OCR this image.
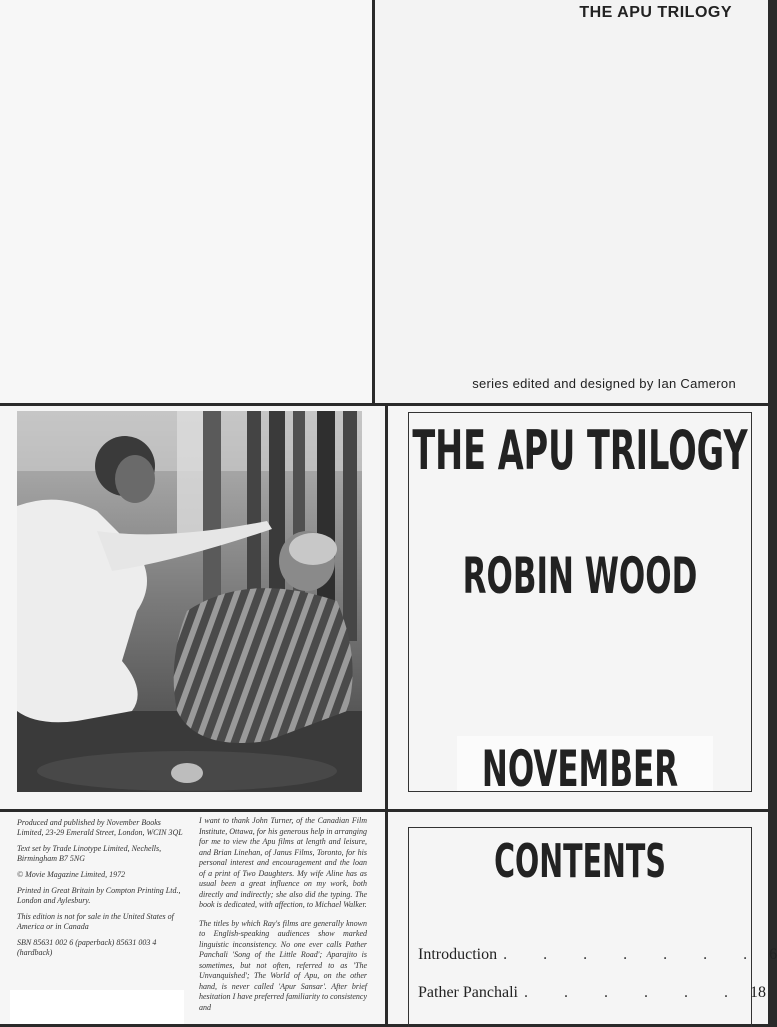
THE APU TRILOGY
series edited and designed by Ian Cameron
THE APU TRILOGY
ROBIN WOOD
NOVEMBER

Produced and published by November Books Limited, 23-29 Emerald Street, London, WCIN 3QL

Text set by Trade Linotype Limited, Nechells, Birmingham B7 5NG

© Movie Magazine Limited, 1972

Printed in Great Britain by Compton Printing Ltd., London and Aylesbury.

This edition is not for sale in the United States of America or in Canada

SBN 85631 002 6 (paperback) 85631 003 4 (hardback)

I want to thank John Turner, of the Canadian Film Institute, Ottawa, for his generous help in arranging for me to view the Apu films at length and leisure, and Brian Linehan, of Janus Films, Toronto, for his personal interest and encouragement and the loan of a print of Two Daughters. My wife Aline has as usual been a great influence on my work, both directly and indirectly; she also did the typing. The book is dedicated, with affection, to Michael Walker.

The titles by which Ray's films are generally known to English-speaking audiences show marked linguistic inconsistency. No one ever calls Pather Panchali 'Song of the Little Road'; Aparajito is sometimes, but not often, referred to as 'The Unvanquished'; The World of Apu, on the other hand, is never called 'Apur Sansar'. After brief hesitation I have preferred familiarity to consistency and

CONTENTS
Introduction . . . . . . . 6
Pather Panchali . . . . . . 18
